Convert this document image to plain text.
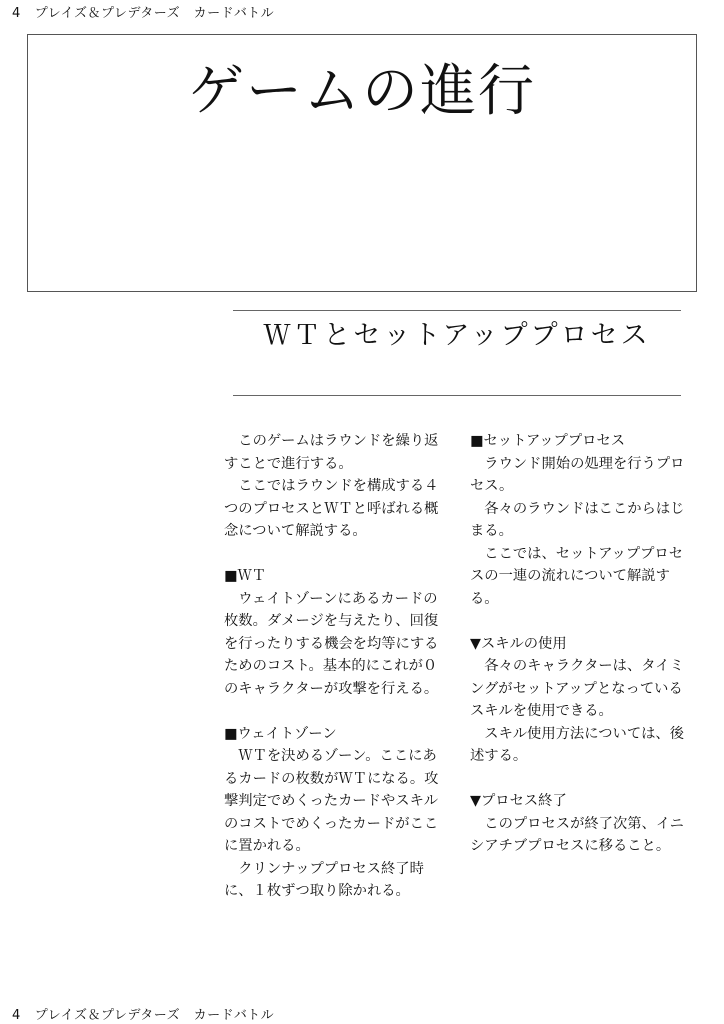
4 プレイズ＆プレデターズ　カードバトル
ゲームの進行
ＷＴとセットアッププロセス
　このゲームはラウンドを繰り返
すことで進行する。
　ここではラウンドを構成する４
つのプロセスとＷＴと呼ばれる概
念について解説する。
■ＷＴ
　ウェイトゾーンにあるカードの
枚数。ダメージを与えたり、回復
を行ったりする機会を均等にする
ためのコスト。基本的にこれが０
のキャラクターが攻撃を行える。
■ウェイトゾーン
　ＷＴを決めるゾーン。ここにあ
るカードの枚数がＷＴになる。攻
撃判定でめくったカードやスキル
のコストでめくったカードがここ
に置かれる。
　クリンナッププロセス終了時
に、１枚ずつ取り除かれる。
■セットアッププロセス
　ラウンド開始の処理を行うプロ
セス。
　各々のラウンドはここからはじ
まる。
　ここでは、セットアッププロセ
スの一連の流れについて解説す
る。
▼スキルの使用
　各々のキャラクターは、タイミ
ングがセットアップとなっている
スキルを使用できる。
　スキル使用方法については、後
述する。
▼プロセス終了
　このプロセスが終了次第、イニ
シアチブプロセスに移ること。
4 プレイズ＆プレデターズ　カードバトル
